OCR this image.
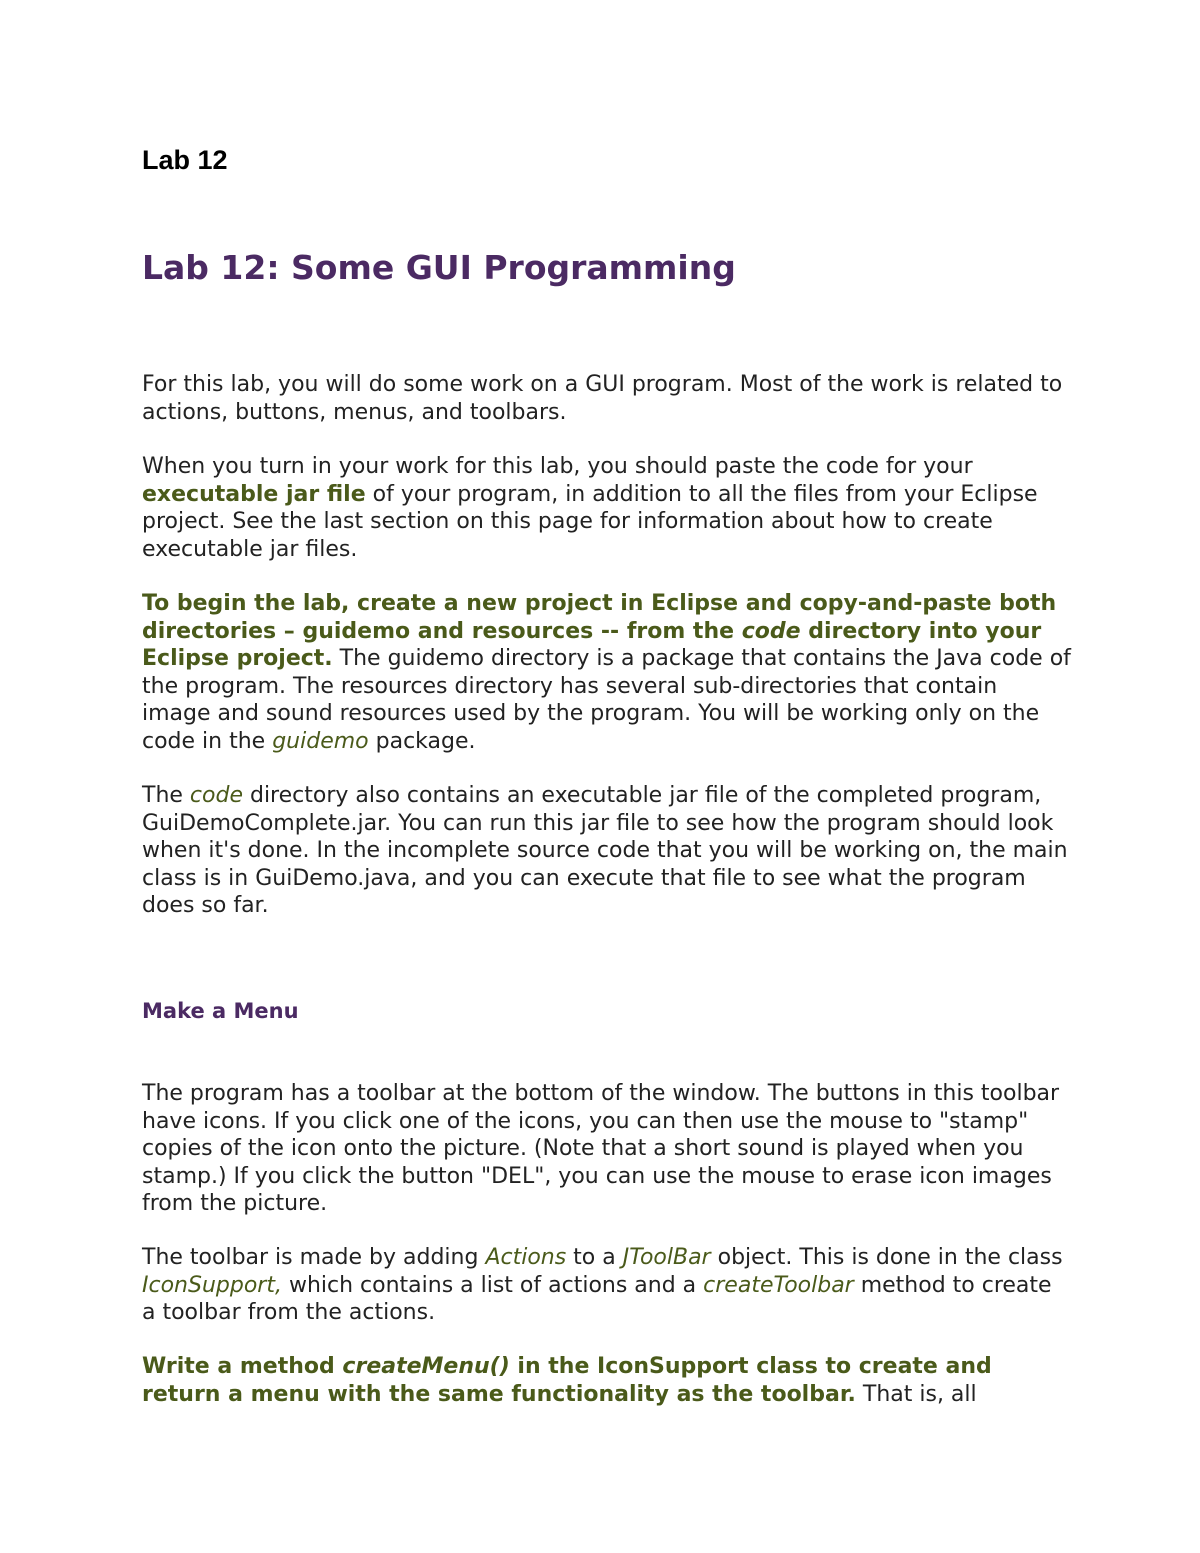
Lab 12
Lab 12: Some GUI Programming

For this lab, you will do some work on a GUI program. Most of the work is related to actions, buttons, menus, and toolbars.

When you turn in your work for this lab, you should paste the code for your executable jar file of your program, in addition to all the files from your Eclipse project. See the last section on this page for information about how to create executable jar files.

To begin the lab, create a new project in Eclipse and copy-and-paste both directories – guidemo and resources -- from the code directory into your Eclipse project. The guidemo directory is a package that contains the Java code of the program. The resources directory has several sub-directories that contain image and sound resources used by the program. You will be working only on the code in the guidemo package.

The code directory also contains an executable jar file of the completed program, GuiDemoComplete.jar. You can run this jar file to see how the program should look when it's done. In the incomplete source code that you will be working on, the main class is in GuiDemo.java, and you can execute that file to see what the program does so far.

Make a Menu

The program has a toolbar at the bottom of the window. The buttons in this toolbar have icons. If you click one of the icons, you can then use the mouse to "stamp" copies of the icon onto the picture. (Note that a short sound is played when you stamp.) If you click the button "DEL", you can use the mouse to erase icon images from the picture.

The toolbar is made by adding Actions to a JToolBar object. This is done in the class IconSupport, which contains a list of actions and a createToolbar method to create a toolbar from the actions.

Write a method createMenu() in the IconSupport class to create and return a menu with the same functionality as the toolbar. That is, all
